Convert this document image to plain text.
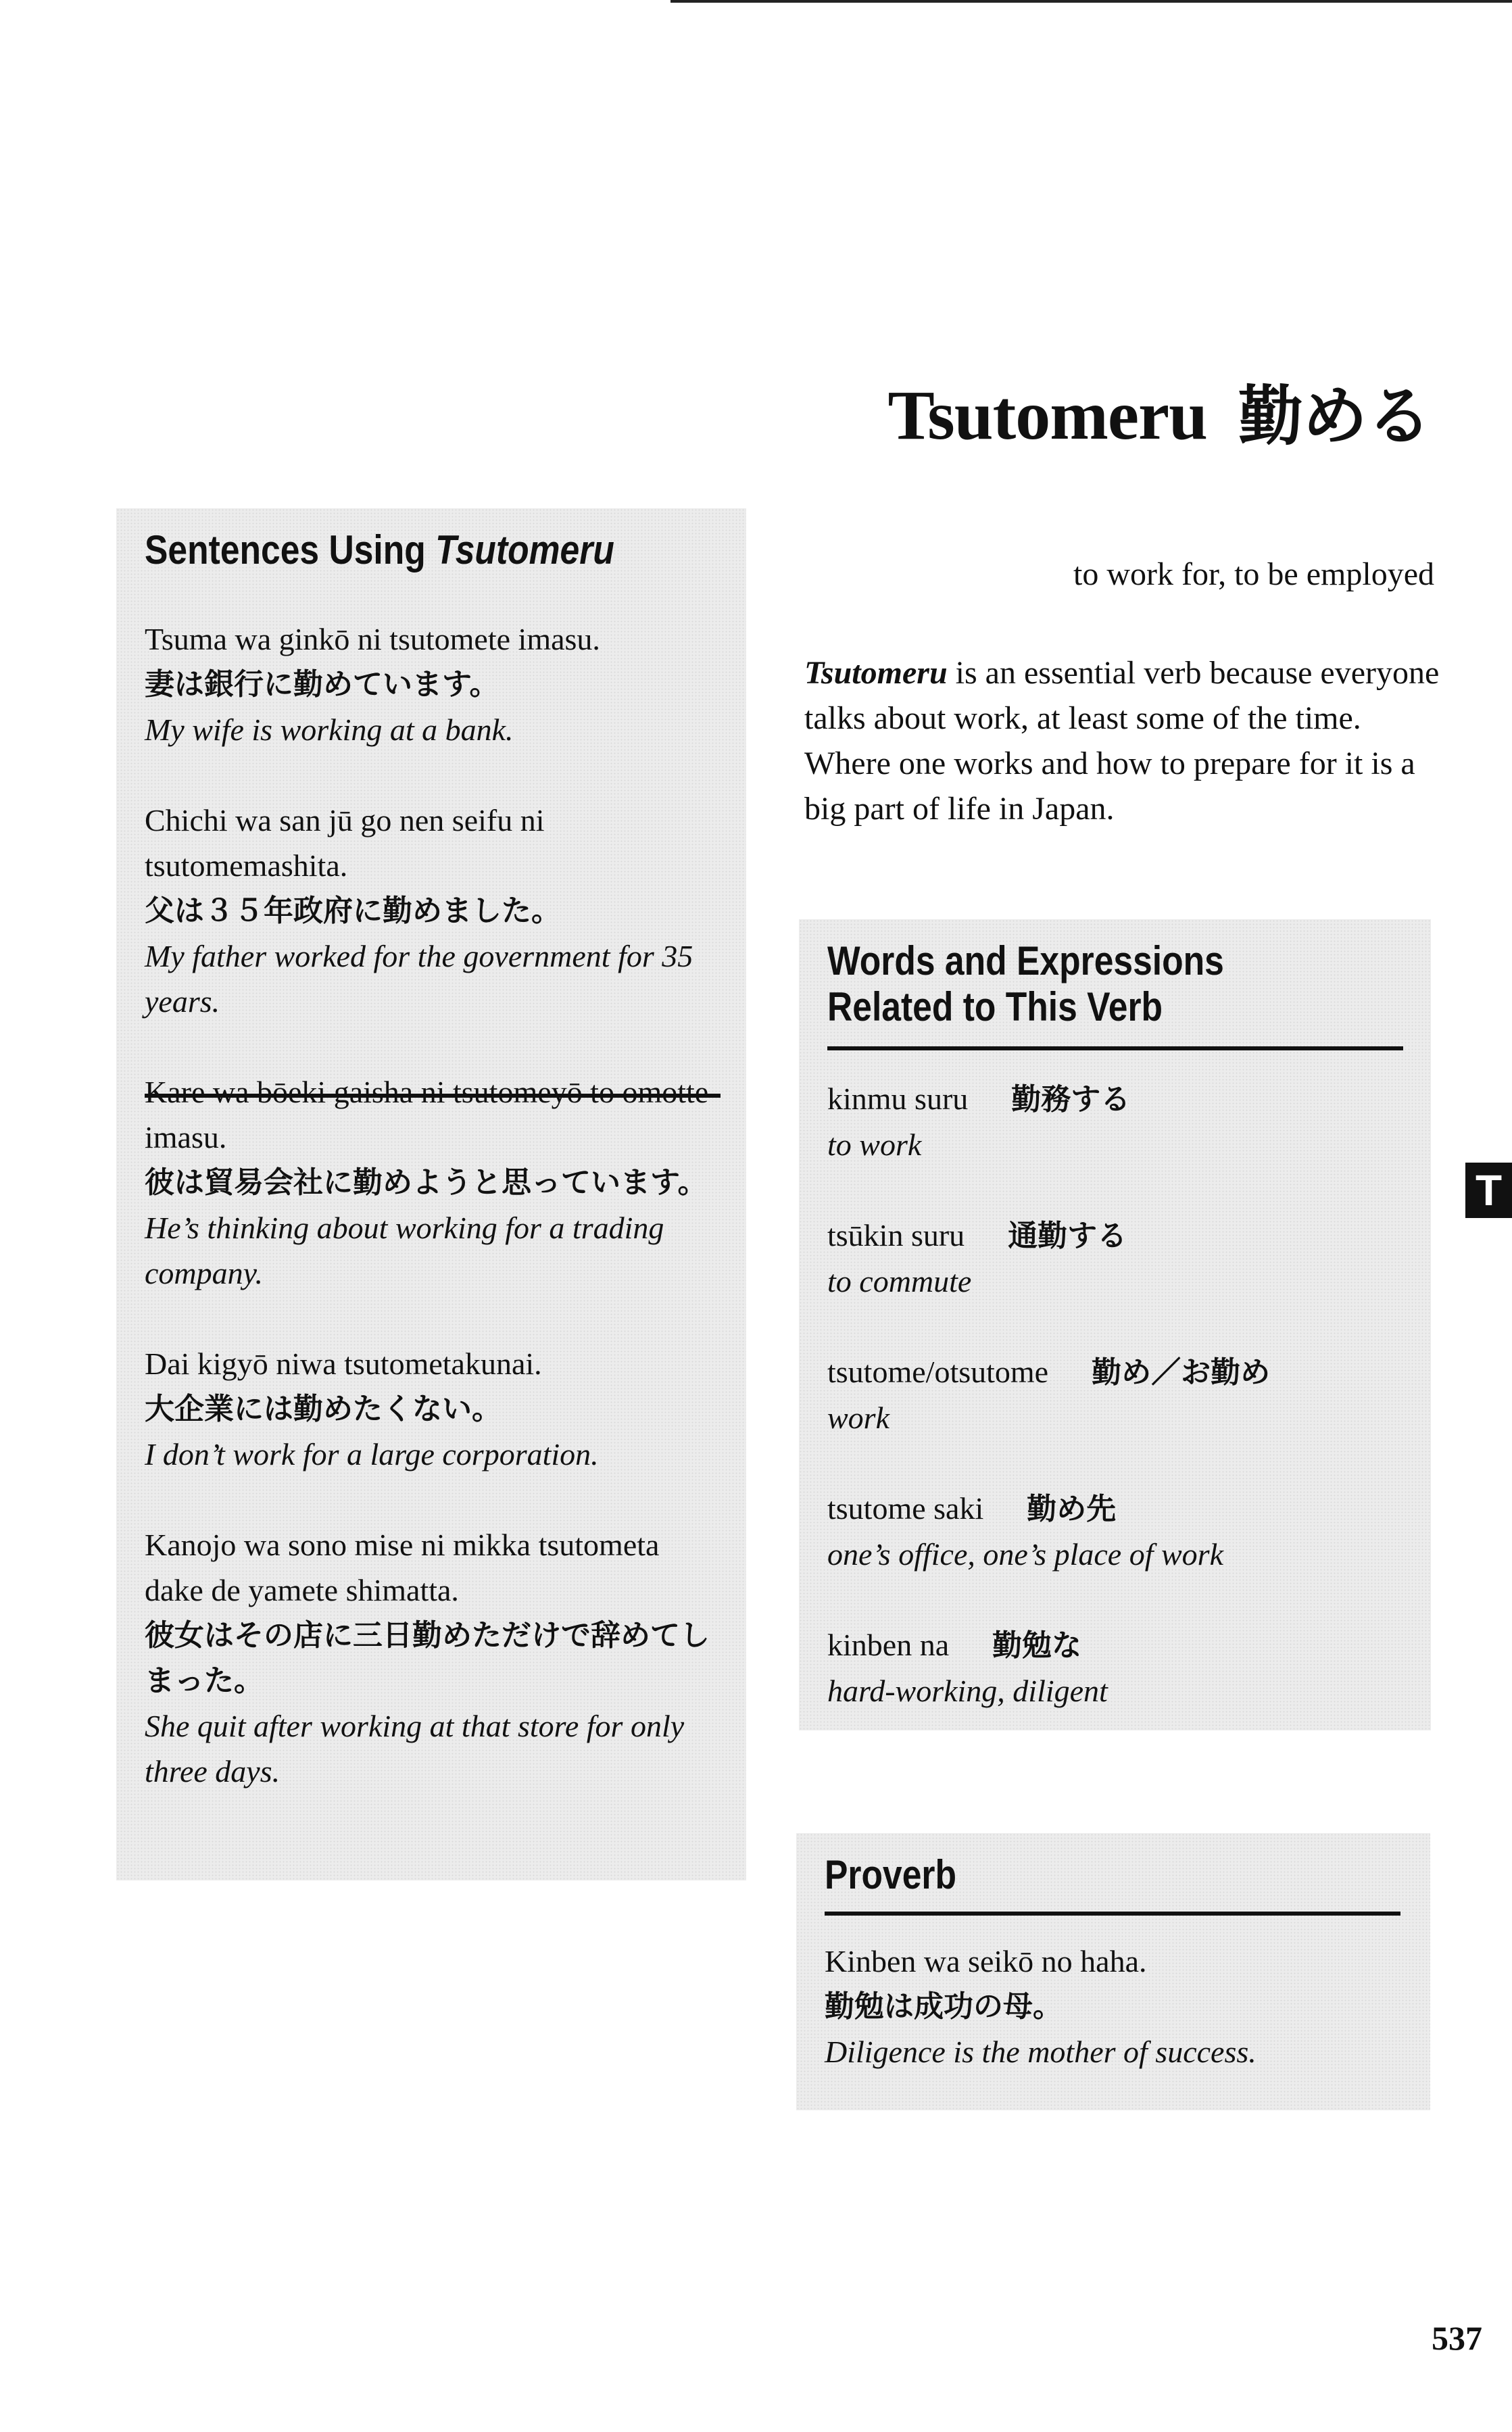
Tsutomeru 勤める
Sentences Using Tsutomeru
Tsuma wa ginkō ni tsutomete imasu.
妻は銀行に勤めています。
My wife is working at a bank.
Chichi wa san jū go nen seifu ni tsutomemashita.
父は３５年政府に勤めました。
My father worked for the government for 35 years.
Kare wa bōeki gaisha ni tsutomeyō to omotte imasu.
彼は貿易会社に勤めようと思っています。
He’s thinking about working for a trading company.
Dai kigyō niwa tsutometakunai.
大企業には勤めたくない。
I don’t work for a large corporation.
Kanojo wa sono mise ni mikka tsutometa dake de yamete shimatta.
彼女はその店に三日勤めただけで辞めてしまった。
She quit after working at that store for only three days.
to work for, to be employed
Tsutomeru is an essential verb because everyone talks about work, at least some of the time. Where one works and how to prepare for it is a big part of life in Japan.
Words and Expressions
Related to This Verb
kinmu suru 勤務する
to work
tsūkin suru 通勤する
to commute
tsutome/otsutome 勤め／お勤め
work
tsutome saki 勤め先
one’s office, one’s place of work
kinben na 勤勉な
hard-working, diligent
Proverb
Kinben wa seikō no haha.
勤勉は成功の母。
Diligence is the mother of success.
T
537
